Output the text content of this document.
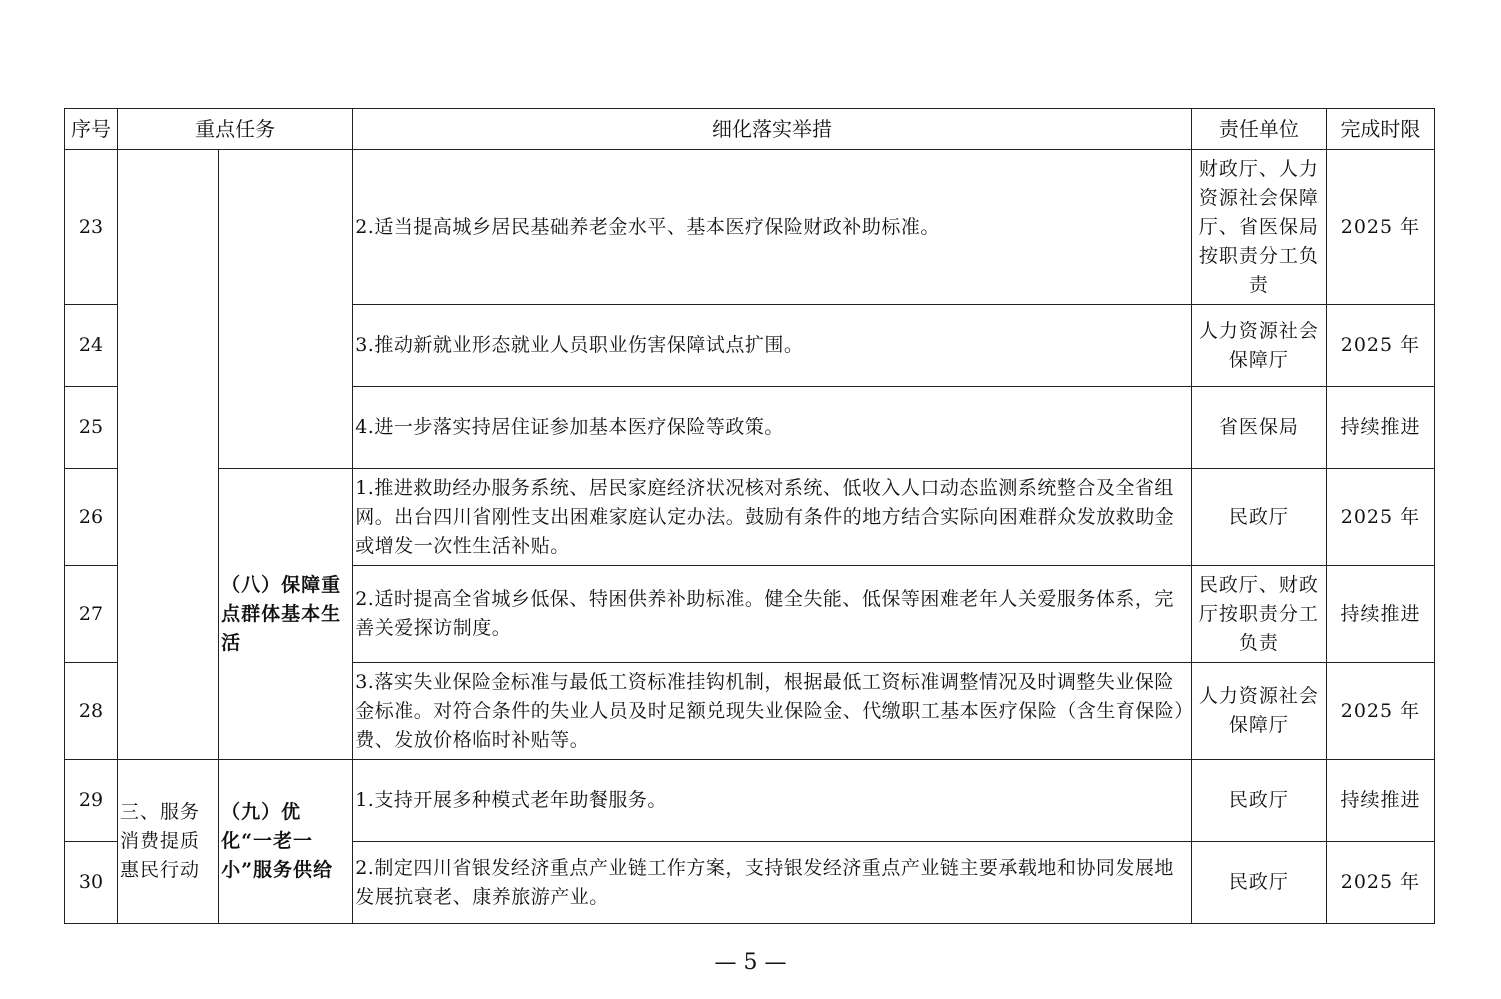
序号	重点任务		细化落实举措	责任单位	完成时限
23			2.适当提高城乡居民基础养老金水平、基本医疗保险财政补助标准。	财政厅、人力资源社会保障厅、省医保局按职责分工负责	2025 年
24			3.推动新就业形态就业人员职业伤害保障试点扩围。	人力资源社会保障厅	2025 年
25			4.进一步落实持居住证参加基本医疗保险等政策。	省医保局	持续推进
26		（八）保障重点群体基本生活	1.推进救助经办服务系统、居民家庭经济状况核对系统、低收入人口动态监测系统整合及全省组网。出台四川省刚性支出困难家庭认定办法。鼓励有条件的地方结合实际向困难群众发放救助金或增发一次性生活补贴。	民政厅	2025 年
27			2.适时提高全省城乡低保、特困供养补助标准。健全失能、低保等困难老年人关爱服务体系，完善关爱探访制度。	民政厅、财政厅按职责分工负责	持续推进
28			3.落实失业保险金标准与最低工资标准挂钩机制，根据最低工资标准调整情况及时调整失业保险金标准。对符合条件的失业人员及时足额兑现失业保险金、代缴职工基本医疗保险（含生育保险）费、发放价格临时补贴等。	人力资源社会保障厅	2025 年
29	三、服务消费提质惠民行动	（九）优化“一老一小”服务供给	1.支持开展多种模式老年助餐服务。	民政厅	持续推进
30			2.制定四川省银发经济重点产业链工作方案，支持银发经济重点产业链主要承载地和协同发展地发展抗衰老、康养旅游产业。	民政厅	2025 年
— 5 —
